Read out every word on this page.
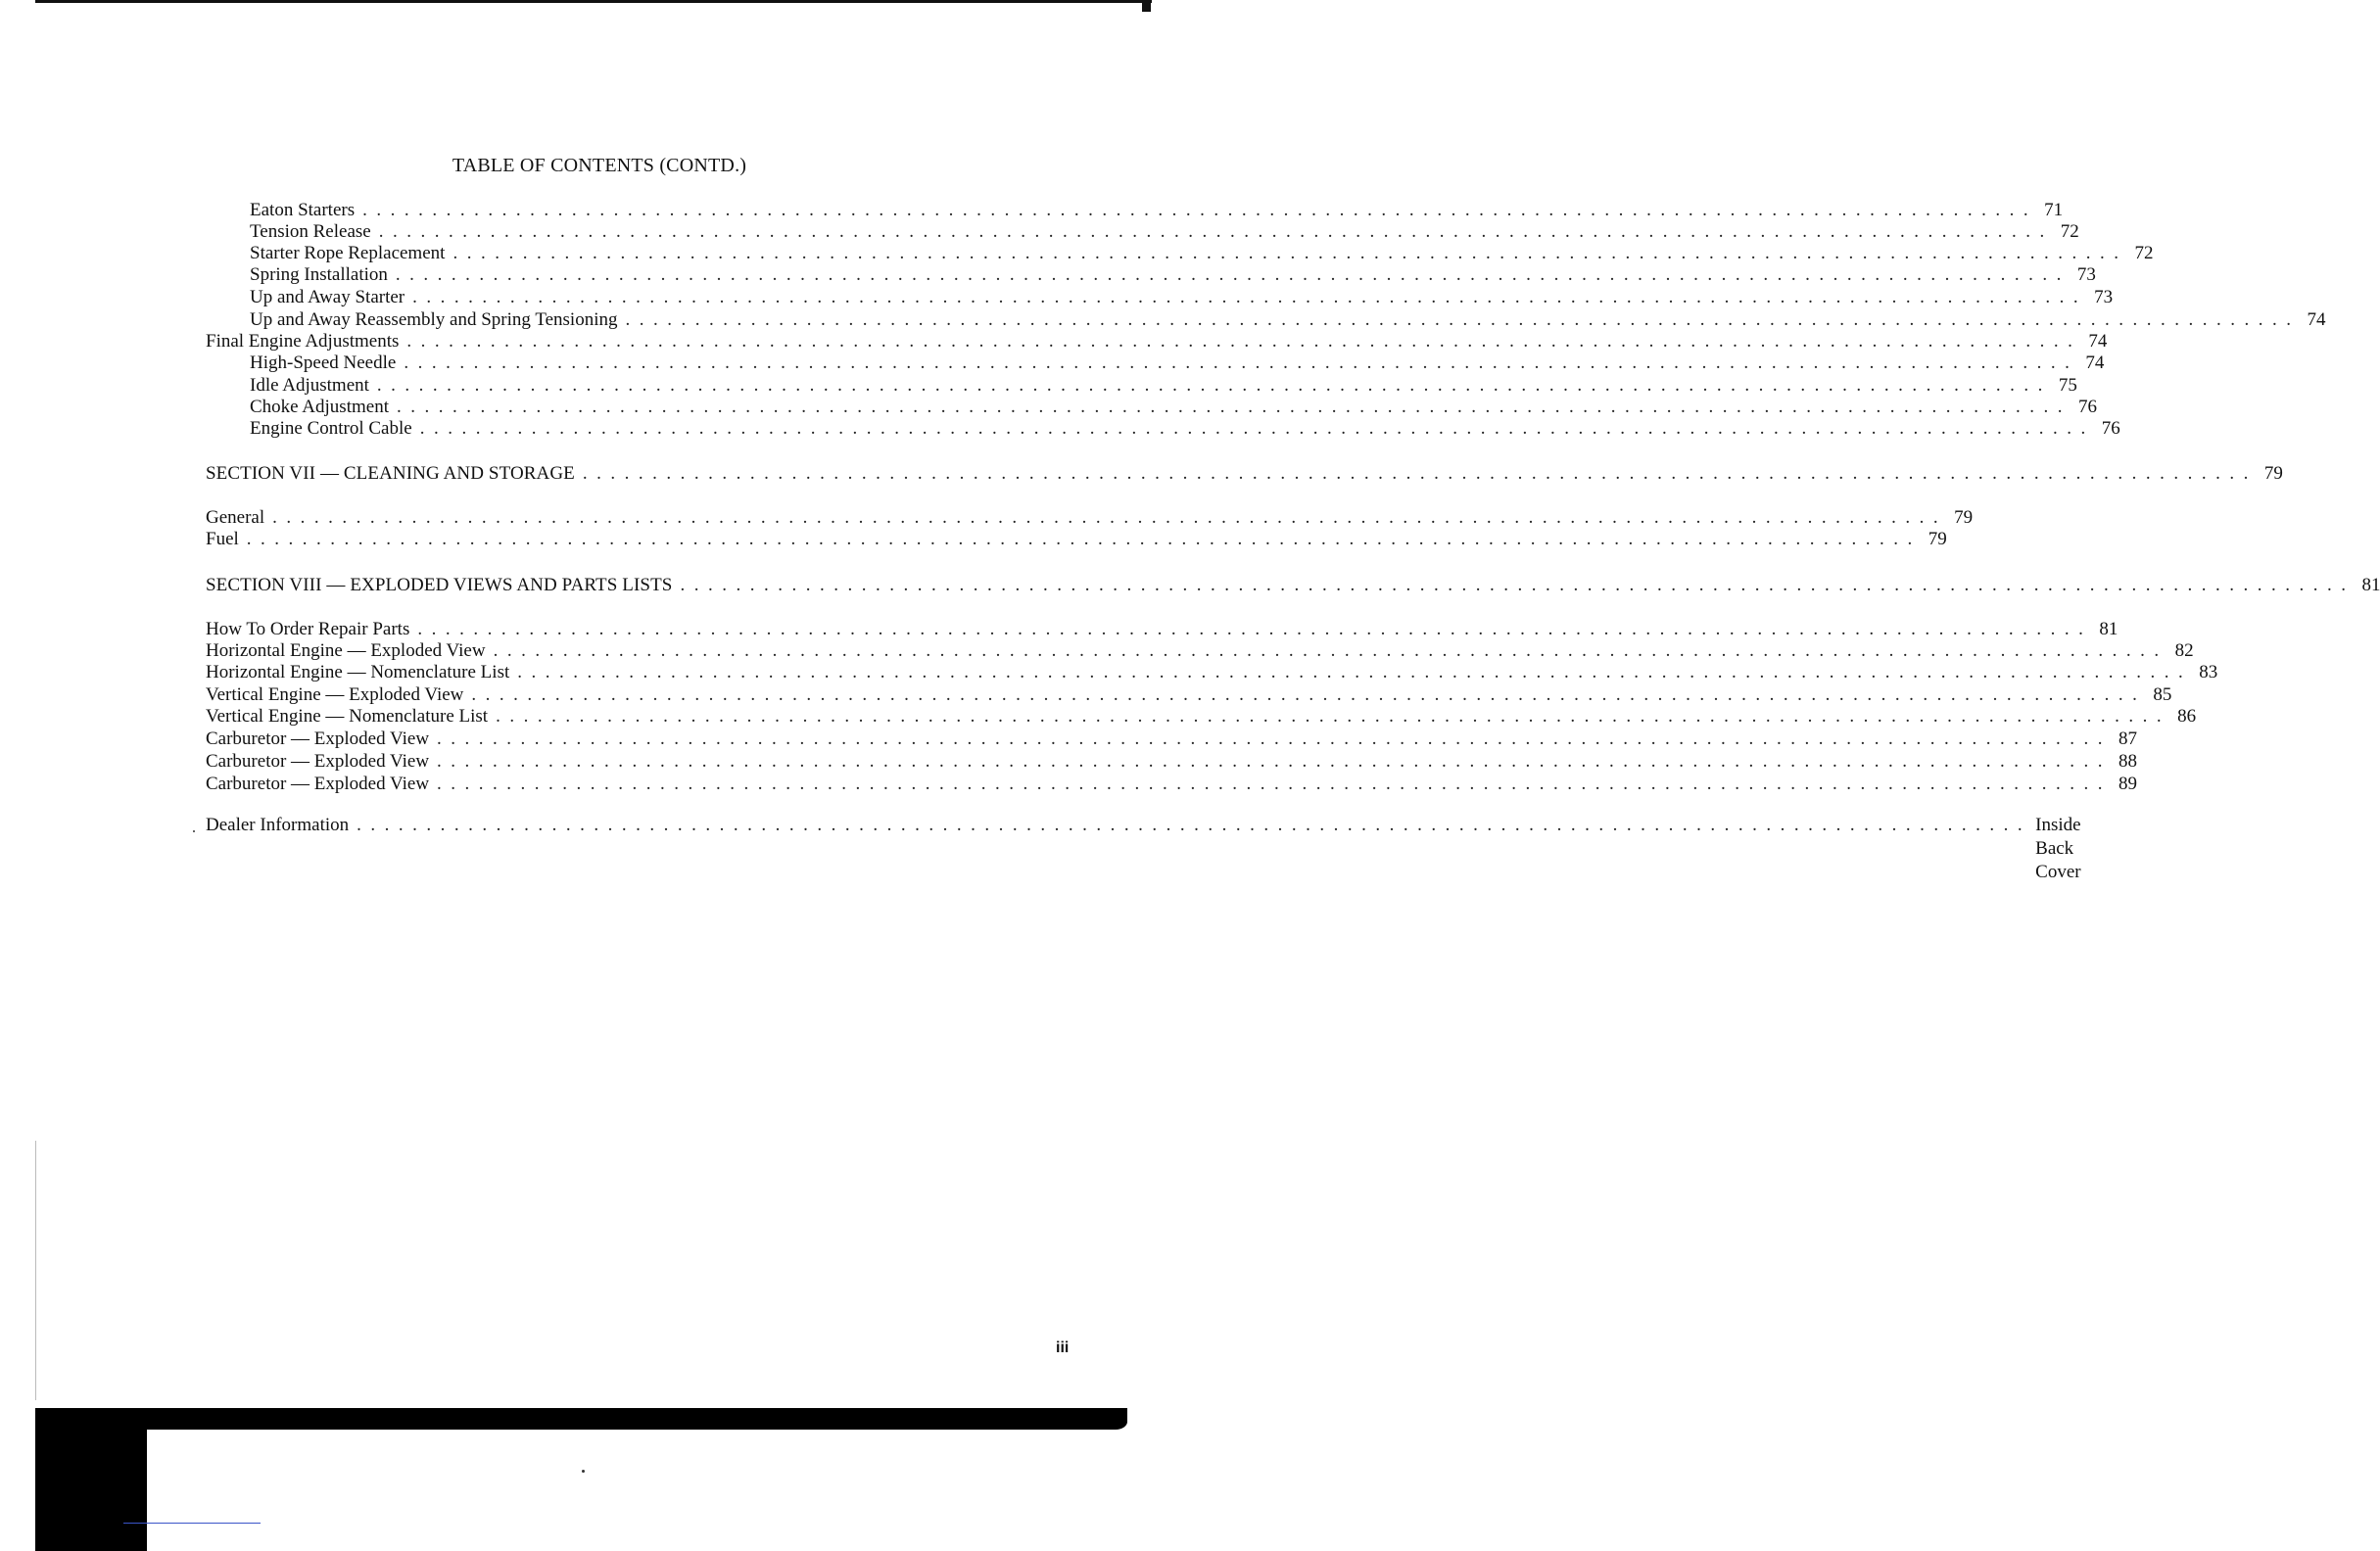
TABLE OF CONTENTS (CONTD.)
Eaton Starters ........................................................................................................................ 71
Tension Release ........................................................................................................................ 72
Starter Rope Replacement ........................................................................................................................ 72
Spring Installation ........................................................................................................................ 73
Up and Away Starter ........................................................................................................................ 73
Up and Away Reassembly and Spring Tensioning ........................................................................................................................ 74
Final Engine Adjustments ........................................................................................................................ 74
High-Speed Needle ........................................................................................................................ 74
Idle Adjustment ........................................................................................................................ 75
Choke Adjustment ........................................................................................................................ 76
Engine Control Cable ........................................................................................................................ 76
SECTION VII — CLEANING AND STORAGE ........................................................................................................................ 79
General ........................................................................................................................ 79
Fuel ........................................................................................................................ 79
SECTION VIII — EXPLODED VIEWS AND PARTS LISTS ........................................................................................................................ 81
How To Order Repair Parts ........................................................................................................................ 81
Horizontal Engine — Exploded View ........................................................................................................................ 82
Horizontal Engine — Nomenclature List ........................................................................................................................ 83
Vertical Engine — Exploded View ........................................................................................................................ 85
Vertical Engine — Nomenclature List ........................................................................................................................ 86
Carburetor — Exploded View ........................................................................................................................ 87
Carburetor — Exploded View ........................................................................................................................ 88
Carburetor — Exploded View ........................................................................................................................ 89
Dealer Information ........................................................................................................................ Inside Back Cover
iii
